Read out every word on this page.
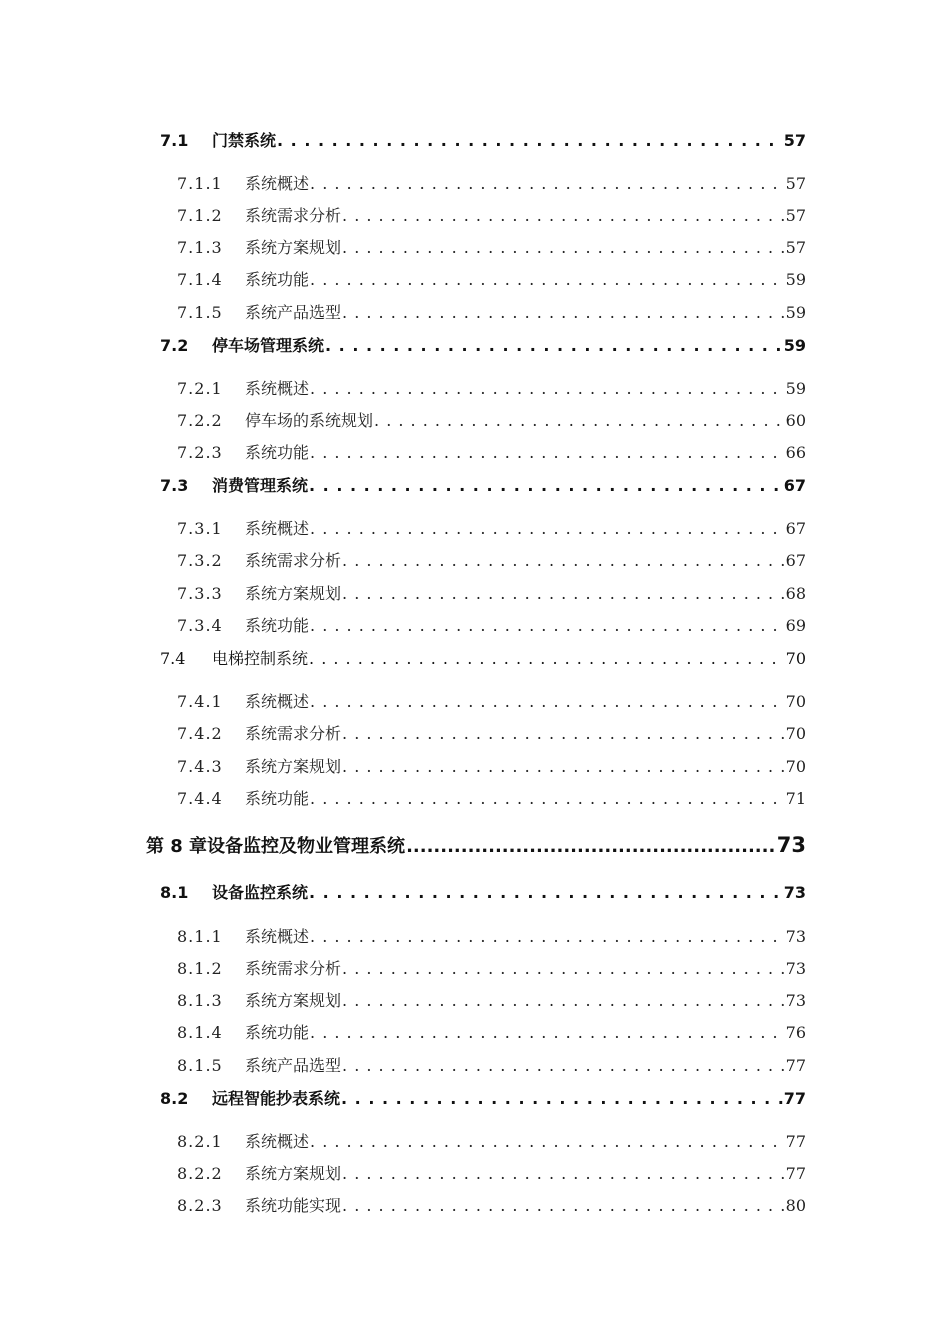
7.1	门禁系统 . . .	57
7.1.1	系统概述 . . .	57
7.1.2	系统需求分析 . . .	57
7.1.3	系统方案规划 . . .	57
7.1.4	系统功能 . . .	59
7.1.5	系统产品选型 . . .	59
7.2	停车场管理系统 . . .	59
7.2.1	系统概述 . . .	59
7.2.2	停车场的系统规划 . . .	60
7.2.3	系统功能 . . .	66
7.3	消费管理系统 . . .	67
7.3.1	系统概述 . . .	67
7.3.2	系统需求分析 . . .	67
7.3.3	系统方案规划 . . .	68
7.3.4	系统功能 . . .	69
7.4	电梯控制系统 . . .	70
7.4.1	系统概述 . . .	70
7.4.2	系统需求分析 . . .	70
7.4.3	系统方案规划 . . .	70
7.4.4	系统功能 . . .	71
第 8 章设备监控及物业管理系统 .....	73
8.1	设备监控系统 . . .	73
8.1.1	系统概述 . . .	73
8.1.2	系统需求分析 . . .	73
8.1.3	系统方案规划 . . .	73
8.1.4	系统功能 . . .	76
8.1.5	系统产品选型 . . .	77
8.2	远程智能抄表系统 . . .	77
8.2.1	系统概述 . . .	77
8.2.2	系统方案规划 . . .	77
8.2.3	系统功能实现 . . .	80
